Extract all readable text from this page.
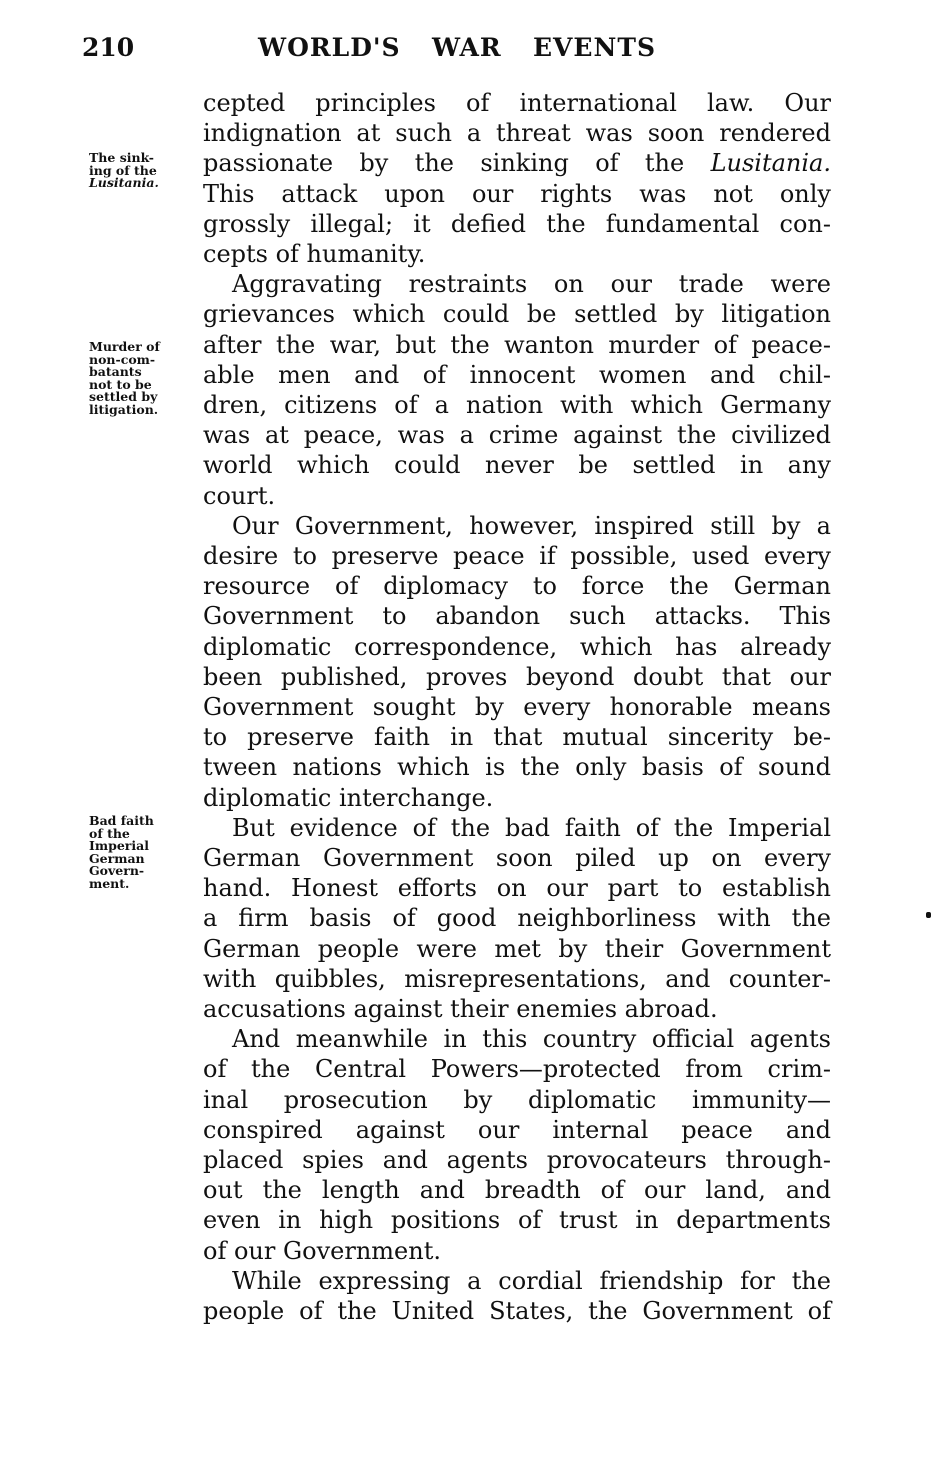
210	WORLD'S WAR EVENTS
The sink-
ing of the
Lusitania.
Murder of
non-com-
batants
not to be
settled by
litigation.
Bad faith
of the
Imperial
German
Govern-
ment.
cepted principles of international law. Our
indignation at such a threat was soon rendered
passionate by the sinking of the Lusitania.
This attack upon our rights was not only
grossly illegal; it defied the fundamental con-
cepts of humanity.
Aggravating restraints on our trade were
grievances which could be settled by litigation
after the war, but the wanton murder of peace-
able men and of innocent women and chil-
dren, citizens of a nation with which Germany
was at peace, was a crime against the civilized
world which could never be settled in any
court.
Our Government, however, inspired still by a
desire to preserve peace if possible, used every
resource of diplomacy to force the German
Government to abandon such attacks. This
diplomatic correspondence, which has already
been published, proves beyond doubt that our
Government sought by every honorable means
to preserve faith in that mutual sincerity be-
tween nations which is the only basis of sound
diplomatic interchange.
But evidence of the bad faith of the Imperial
German Government soon piled up on every
hand. Honest efforts on our part to establish
a firm basis of good neighborliness with the
German people were met by their Government
with quibbles, misrepresentations, and counter-
accusations against their enemies abroad.
And meanwhile in this country official agents
of the Central Powers—protected from crim-
inal prosecution by diplomatic immunity—
conspired against our internal peace and
placed spies and agents provocateurs through-
out the length and breadth of our land, and
even in high positions of trust in departments
of our Government.
While expressing a cordial friendship for the
people of the United States, the Government of
